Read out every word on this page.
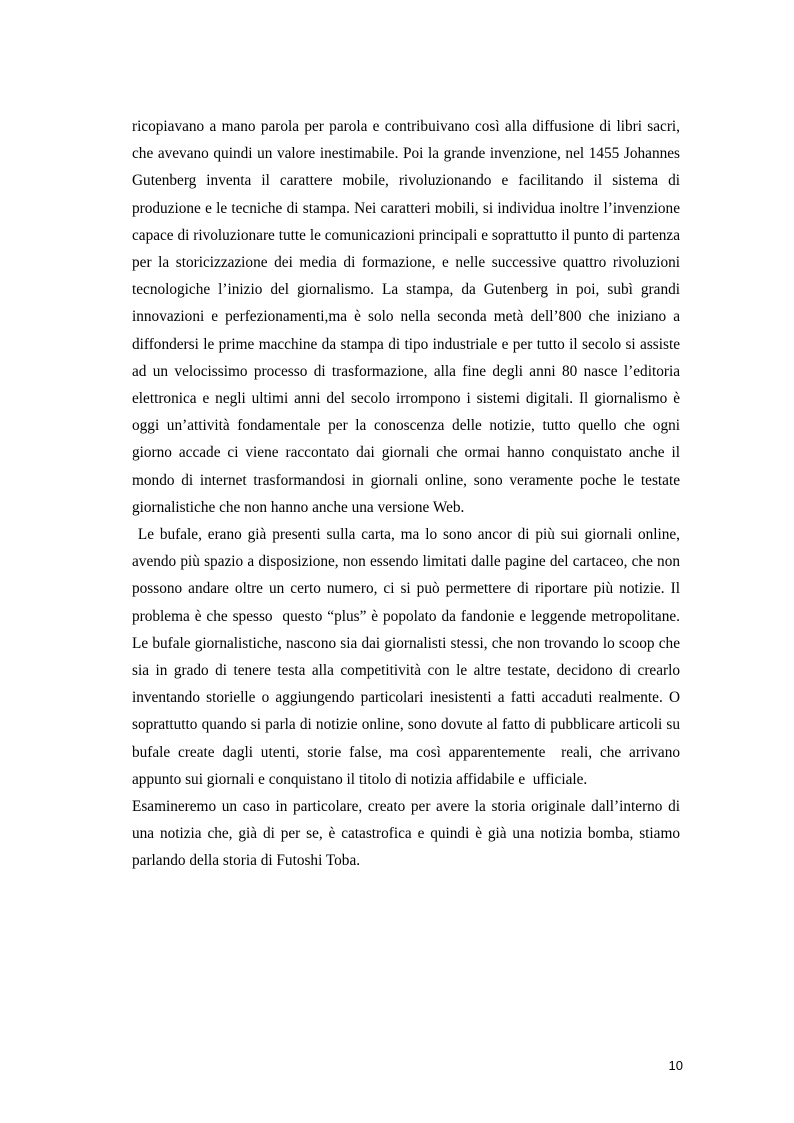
ricopiavano a mano parola per parola e contribuivano così alla diffusione di libri sacri, che avevano quindi un valore inestimabile. Poi la grande invenzione, nel 1455 Johannes Gutenberg inventa il carattere mobile, rivoluzionando e facilitando il sistema di produzione e le tecniche di stampa. Nei caratteri mobili, si individua inoltre l’invenzione capace di rivoluzionare tutte le comunicazioni principali e soprattutto il punto di partenza per la storicizzazione dei media di formazione, e nelle successive quattro rivoluzioni tecnologiche l’inizio del giornalismo. La stampa, da Gutenberg in poi, subì grandi innovazioni e perfezionamenti,ma è solo nella seconda metà dell’800 che iniziano a diffondersi le prime macchine da stampa di tipo industriale e per tutto il secolo si assiste ad un velocissimo processo di trasformazione, alla fine degli anni 80 nasce l’editoria elettronica e negli ultimi anni del secolo irrompono i sistemi digitali. Il giornalismo è oggi un’attività fondamentale per la conoscenza delle notizie, tutto quello che ogni giorno accade ci viene raccontato dai giornali che ormai hanno conquistato anche il mondo di internet trasformandosi in giornali online, sono veramente poche le testate giornalistiche che non hanno anche una versione Web.

Le bufale, erano già presenti sulla carta, ma lo sono ancor di più sui giornali online, avendo più spazio a disposizione, non essendo limitati dalle pagine del cartaceo, che non possono andare oltre un certo numero, ci si può permettere di riportare più notizie. Il problema è che spesso  questo “plus” è popolato da fandonie e leggende metropolitane. Le bufale giornalistiche, nascono sia dai giornalisti stessi, che non trovando lo scoop che sia in grado di tenere testa alla competitività con le altre testate, decidono di crearlo inventando storielle o aggiungendo particolari inesistenti a fatti accaduti realmente. O  soprattutto quando si parla di notizie online, sono dovute al fatto di pubblicare articoli su bufale create dagli utenti, storie false, ma così apparentemente  reali, che arrivano appunto sui giornali e conquistano il titolo di notizia affidabile e  ufficiale.

Esamineremo un caso in particolare, creato per avere la storia originale dall’interno di una notizia che, già di per se, è catastrofica e quindi è già una notizia bomba, stiamo parlando della storia di Futoshi Toba.

10
